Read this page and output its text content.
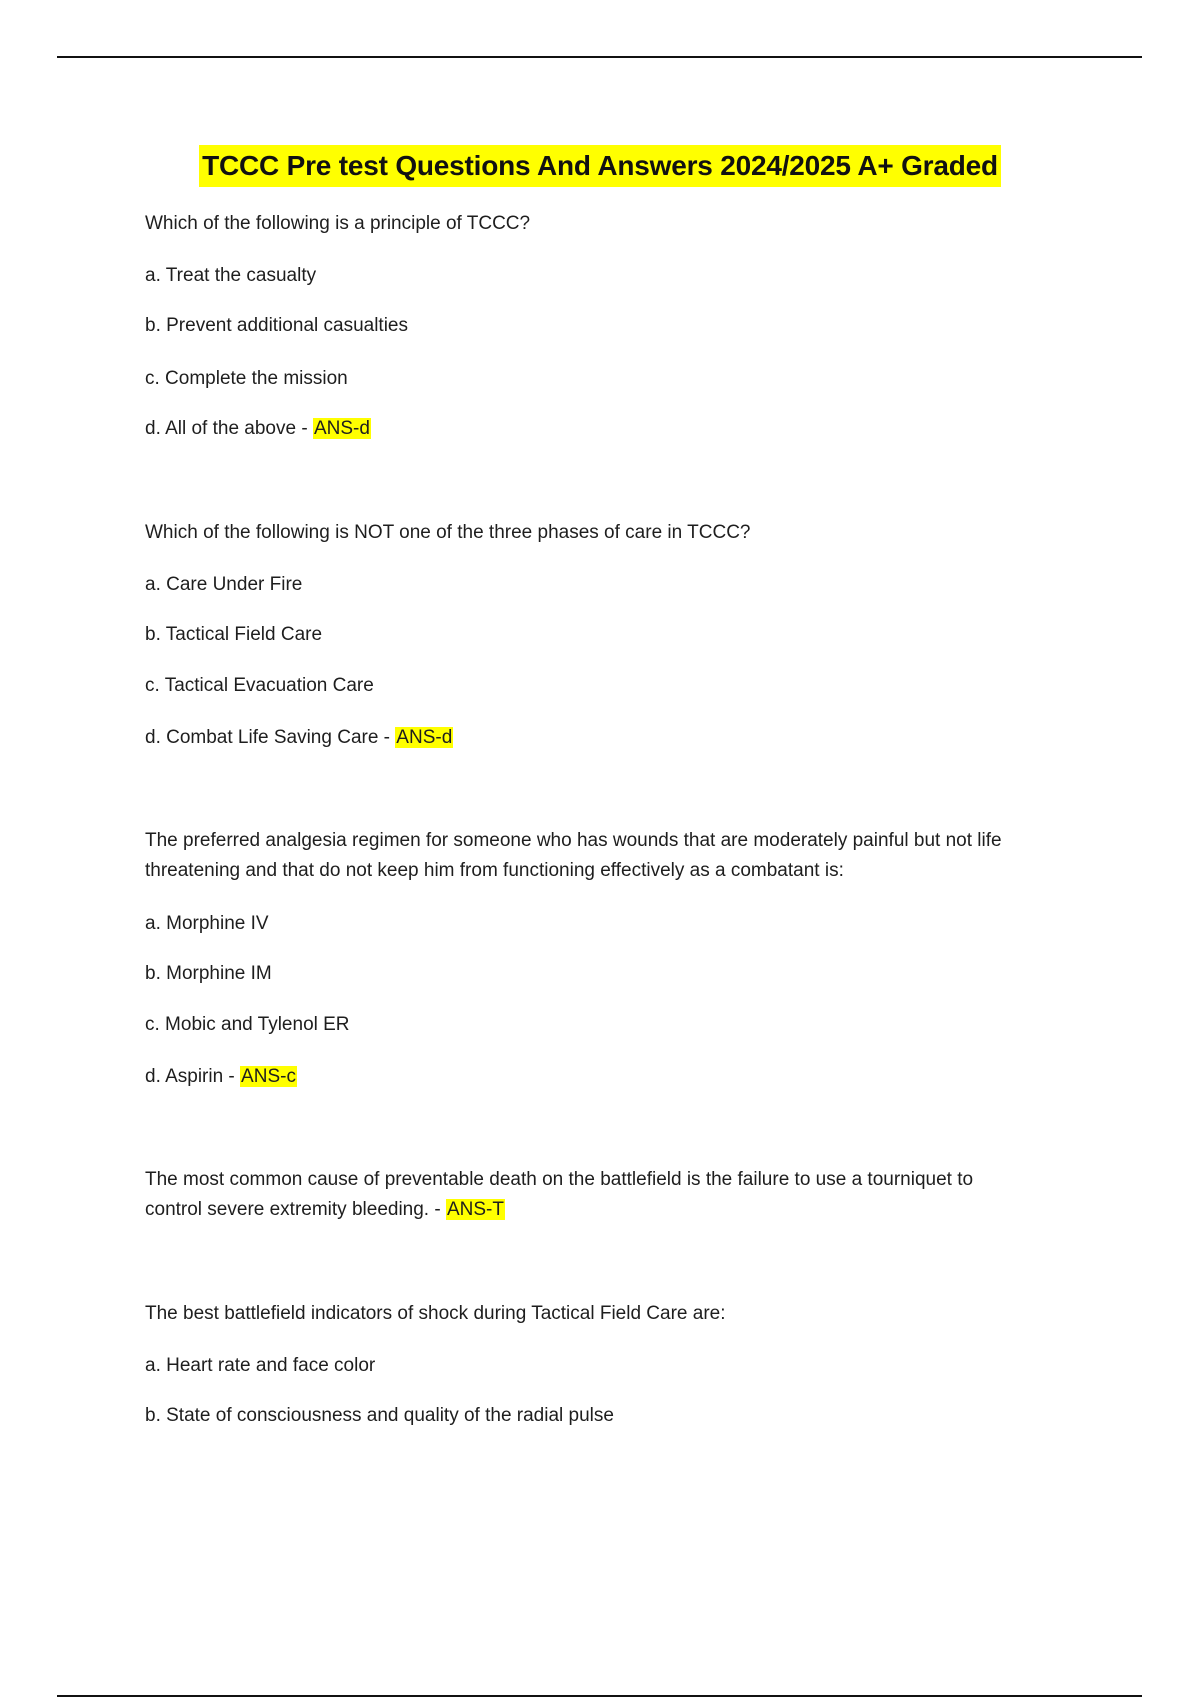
TCCC Pre test Questions And Answers 2024/2025 A+ Graded
Which of the following is a principle of TCCC?
a. Treat the casualty
b. Prevent additional casualties
c. Complete the mission
d. All of the above - ANS-d
Which of the following is NOT one of the three phases of care in TCCC?
a. Care Under Fire
b. Tactical Field Care
c. Tactical Evacuation Care
d. Combat Life Saving Care - ANS-d
The preferred analgesia regimen for someone who has wounds that are moderately painful but not life
threatening and that do not keep him from functioning effectively as a combatant is:
a. Morphine IV
b. Morphine IM
c. Mobic and Tylenol ER
d. Aspirin - ANS-c
The most common cause of preventable death on the battlefield is the failure to use a tourniquet to
control severe extremity bleeding. - ANS-T
The best battlefield indicators of shock during Tactical Field Care are:
a. Heart rate and face color
b. State of consciousness and quality of the radial pulse
